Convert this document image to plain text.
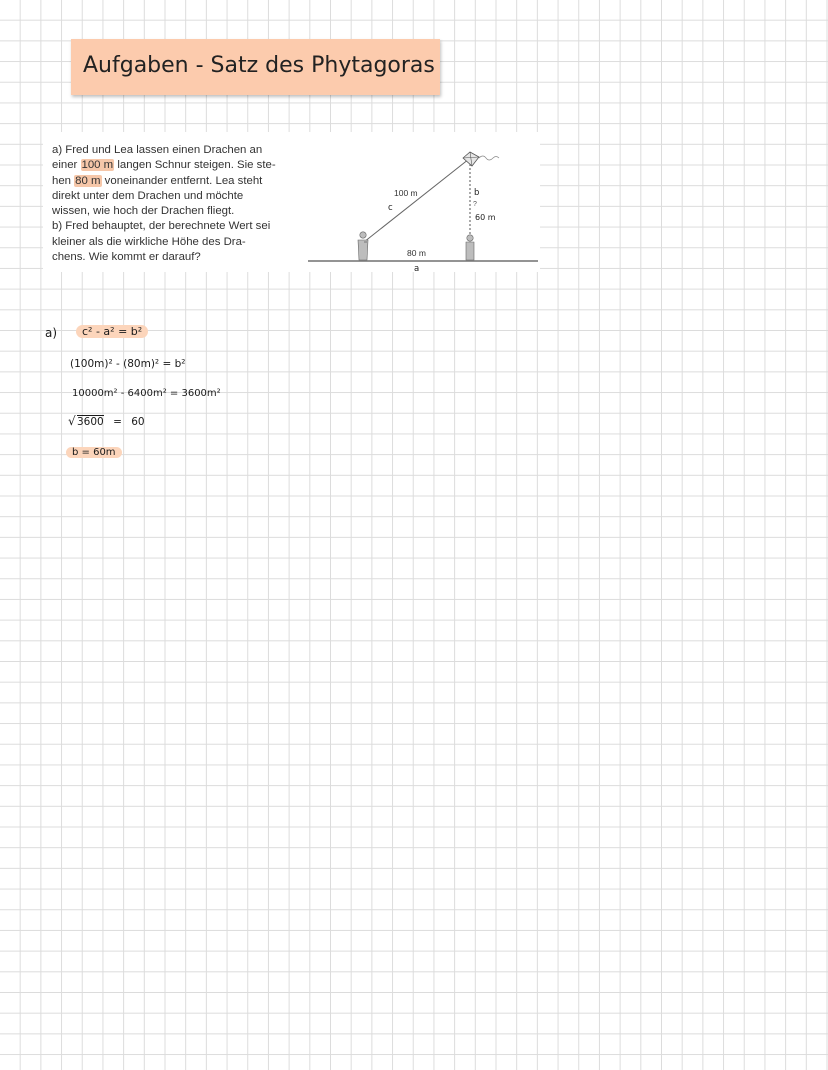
Aufgaben - Satz des Phytagoras
a) Fred und Lea lassen einen Drachen an
einer 100 m langen Schnur steigen. Sie ste-
hen 80 m voneinander entfernt. Lea steht
direkt unter dem Drachen und möchte
wissen, wie hoch der Drachen fliegt.
b) Fred behauptet, der berechnete Wert sei
kleiner als die wirkliche Höhe des Dra-
chens. Wie kommt er darauf?
100 m
c
80 m
a
b
?
60 m
a)	c² - a² = b²
(100m)² - (80m)² = b²
10000m² - 6400m² = 3600m²
√ 3600 = 60
b = 60m
